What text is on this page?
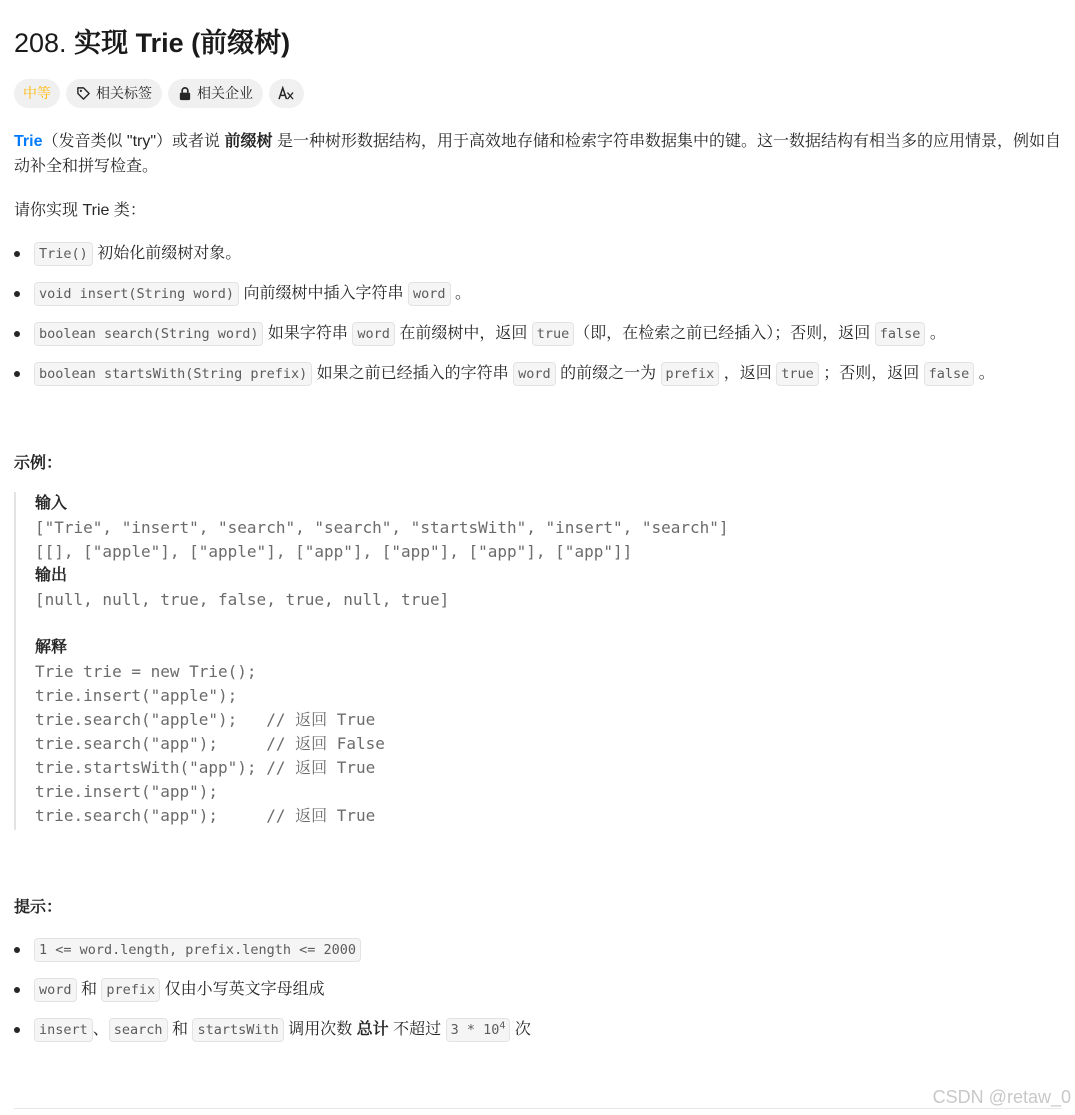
208. 实现 Trie (前缀树)
中等	相关标签	相关企业

Trie（发音类似 "try"）或者说 前缀树 是一种树形数据结构，用于高效地存储和检索字符串数据集中的键。这一数据结构有相当多的应用情景，例如自动补全和拼写检查。

请你实现 Trie 类：

Trie() 初始化前缀树对象。
void insert(String word) 向前缀树中插入字符串 word 。
boolean search(String word) 如果字符串 word 在前缀树中，返回 true （即，在检索之前已经插入）；否则，返回 false 。
boolean startsWith(String prefix) 如果之前已经插入的字符串 word 的前缀之一为 prefix ，返回 true ；否则，返回 false 。
示例：
输入
["Trie", "insert", "search", "search", "startsWith", "insert", "search"]
[[], ["apple"], ["apple"], ["app"], ["app"], ["app"], ["app"]]
输出
[null, null, true, false, true, null, true]
解释
Trie trie = new Trie();
trie.insert("apple");
trie.search("apple");   // 返回 True
trie.search("app");     // 返回 False
trie.startsWith("app"); // 返回 True
trie.insert("app");
trie.search("app");     // 返回 True
提示：
1 <= word.length, prefix.length <= 2000
word 和 prefix 仅由小写英文字母组成
insert 、 search 和 startsWith 调用次数 总计 不超过 $3 * 10^4$ 次
CSDN @retaw_0
